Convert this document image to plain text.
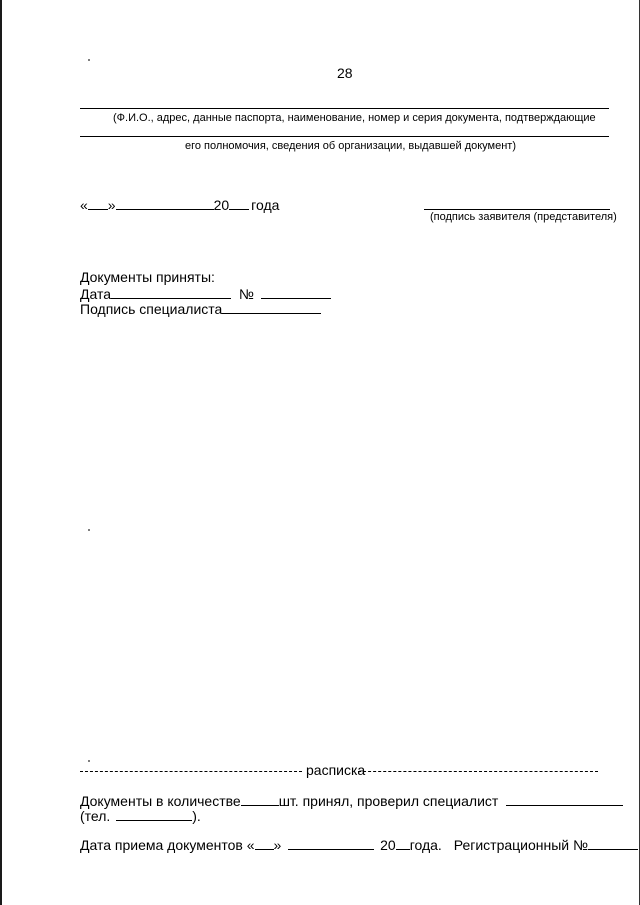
28
(Ф.И.О., адрес, данные паспорта, наименование, номер и серия документа, подтверждающие
его полномочия, сведения об организации, выдавшей документ)
« »	20 года
(подпись заявителя (представителя)
Документы приняты:
Дата	№
Подпись специалиста
расписка
Документы в количестве	шт. принял, проверил специалист
(тел.	).
Дата приема документов « »	20 года. Регистрационный №
